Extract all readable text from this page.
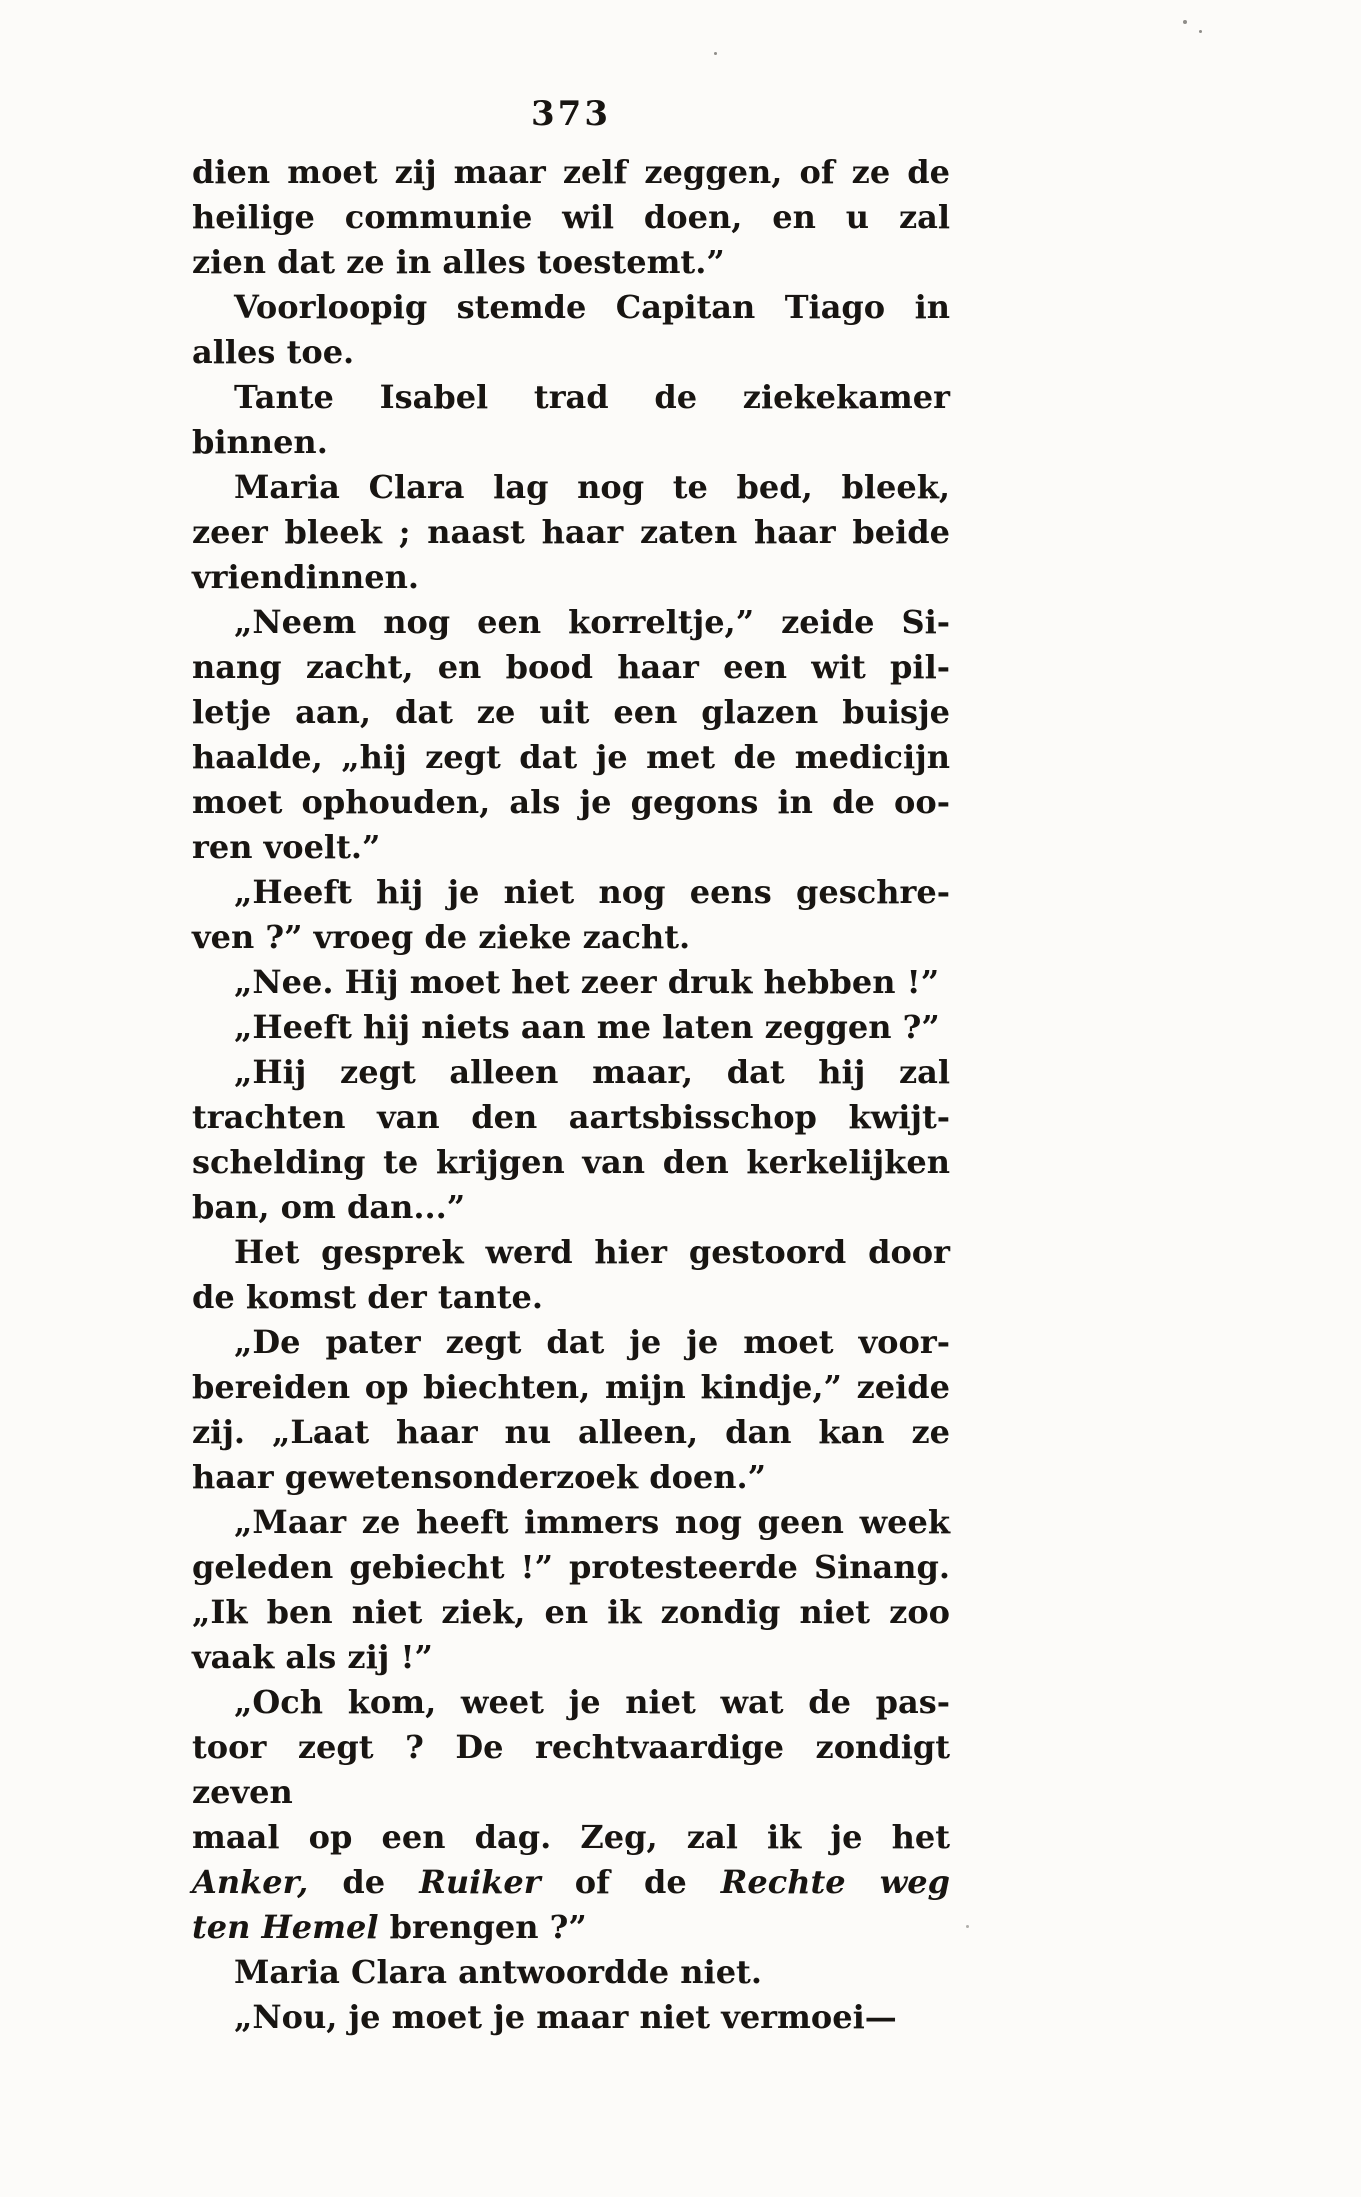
373
dien moet zij maar zelf zeggen, of ze de
heilige communie wil doen, en u zal
zien dat ze in alles toestemt.”
Voorloopig stemde Capitan Tiago in
alles toe.
Tante Isabel trad de ziekekamer
binnen.
Maria Clara lag nog te bed, bleek,
zeer bleek ; naast haar zaten haar beide
vriendinnen.
„Neem nog een korreltje,” zeide Si-
nang zacht, en bood haar een wit pil-
letje aan, dat ze uit een glazen buisje
haalde, „hij zegt dat je met de medicijn
moet ophouden, als je gegons in de oo-
ren voelt.”
„Heeft hij je niet nog eens geschre-
ven ?” vroeg de zieke zacht.
„Nee. Hij moet het zeer druk hebben !”
„Heeft hij niets aan me laten zeggen ?”
„Hij zegt alleen maar, dat hij zal
trachten van den aartsbisschop kwijt-
schelding te krijgen van den kerkelijken
ban, om dan...”
Het gesprek werd hier gestoord door
de komst der tante.
„De pater zegt dat je je moet voor-
bereiden op biechten, mijn kindje,” zeide
zij. „Laat haar nu alleen, dan kan ze
haar gewetensonderzoek doen.”
„Maar ze heeft immers nog geen week
geleden gebiecht !” protesteerde Sinang.
„Ik ben niet ziek, en ik zondig niet zoo
vaak als zij !”
„Och kom, weet je niet wat de pas-
toor zegt ? De rechtvaardige zondigt zeven
maal op een dag. Zeg, zal ik je het
Anker, de Ruiker of de Rechte weg
ten Hemel brengen ?”
Maria Clara antwoordde niet.
„Nou, je moet je maar niet vermoei—
